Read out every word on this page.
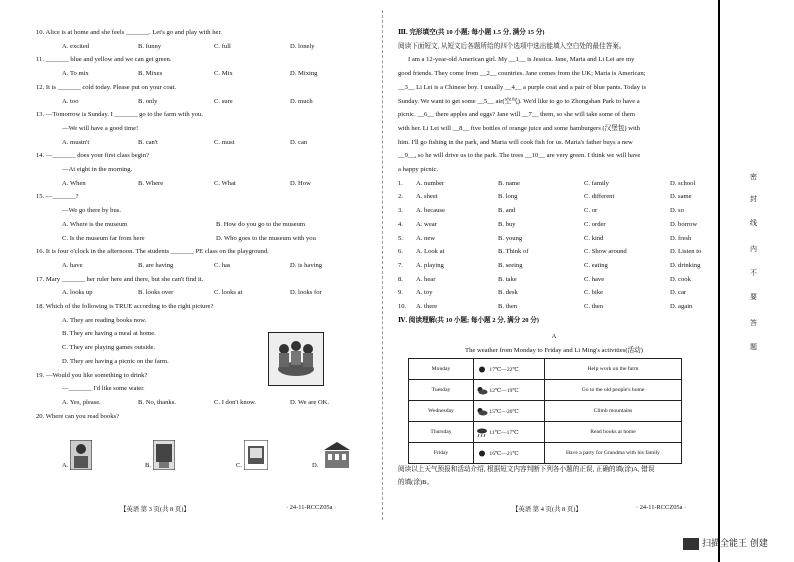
10. Alice is at home and she feels _______. Let's go and play with her.
A. excited	B. funny	C. full	D. lonely
11. _______ blue and yellow and we can get green.
A. To mix	B. Mixes	C. Mix	D. Mixing
12. It is _______ cold today. Please put on your coat.
A. too	B. only	C. sure	D. much
13. —Tomorrow is Sunday. I _______ go to the farm with you.
—We will have a good time!
A. mustn't	B. can't	C. must	D. can
14. —_______ does your first class begin?
—At eight in the morning.
A. When	B. Where	C. What	D. How
15. —_______?
—We go there by bus.
A. Where is the museum	B. How do you go to the museum
C. Is the museum far from here	D. Who goes to the museum with you
16. It is four o'clock in the afternoon. The students _______ PE class on the playground.
A. have	B. are having	C. has	D. is having
17. Mary _______ her ruler here and there, but she can't find it.
A. looks up	B. looks over	C. looks at	D. looks for
18. Which of the following is TRUE according to the right picture?
A. They are reading books now.
B. They are having a meal at home.
C. They are playing games outside.
D. They are having a picnic on the farm.
19. —Would you like something to drink?
—_______ I'd like some water.
A. Yes, please.	B. No, thanks.	C. I don't know.	D. We are OK.
20. Where can you read books?
A.	B.	C.	D.
【英语 第 3 页(共 8 页)】	· 24-11-RCCZ05a ·
Ⅲ. 完形填空(共 10 小题; 每小题 1.5 分, 满分 15 分)
阅读下面短文, 从短文后各题所给的四个选项中选出能填入空白处的最佳答案。
I am a 12-year-old American girl. My __1__ is Jessica. Jane, Maria and Li Lei are my
good friends. They come from __2__ countries. Jane comes from the UK; Maria is American;
__3__ Li Lei is a Chinese boy. I usually __4__ a purple coat and a pair of blue pants. Today is
Sunday. We want to get some __5__ air(空气). We'd like to go to Zhongshan Park to have a
picnic. __6__ there apples and eggs? Jane will __7__ them, so she will take some of them
with her. Li Lei will __8__ five bottles of orange juice and some hamburgers (汉堡包) with
him. I'll go fishing in the park, and Maria will cook fish for us. Maria's father buys a new
__9__, so he will drive us to the park. The trees __10__ are very green. I think we will have
a happy picnic.
1.	A. number	B. name	C. family	D. school
2.	A. sheet	B. long	C. different	D. same
3.	A. because	B. and	C. or	D. so
4.	A. wear	B. buy	C. order	D. borrow
5.	A. new	B. young	C. kind	D. fresh
6.	A. Look at	B. Think of	C. Show around	D. Listen to
7.	A. playing	B. seeing	C. eating	D. drinking
8.	A. hear	B. take	C. have	D. cook
9.	A. toy	B. desk	C. bike	D. car
10.	A. there	B. then	C. then	D. again
Ⅳ. 阅读理解(共 10 小题; 每小题 2 分, 满分 20 分)
A
The weather from Monday to Friday and Li Ming's activities(活动)
Monday	17℃—22℃	Help work on the farm
Tuesday	12℃—19℃	Go to the old people's home
Wednesday	15℃—20℃	Climb mountains
Thursday	11℃—17℃	Read books at home
Friday	16℃—21℃	Have a party for Grandma with his family
阅读以上天气预报和活动介绍, 根据短文内容判断下列各小题的正误, 正确的填(涂)A, 错误
的填(涂)B。
【英语 第 4 页(共 8 页)】	· 24-11-RCCZ05a ·
密
封
线
内
不
要
答
题
扫描全能王 创建
